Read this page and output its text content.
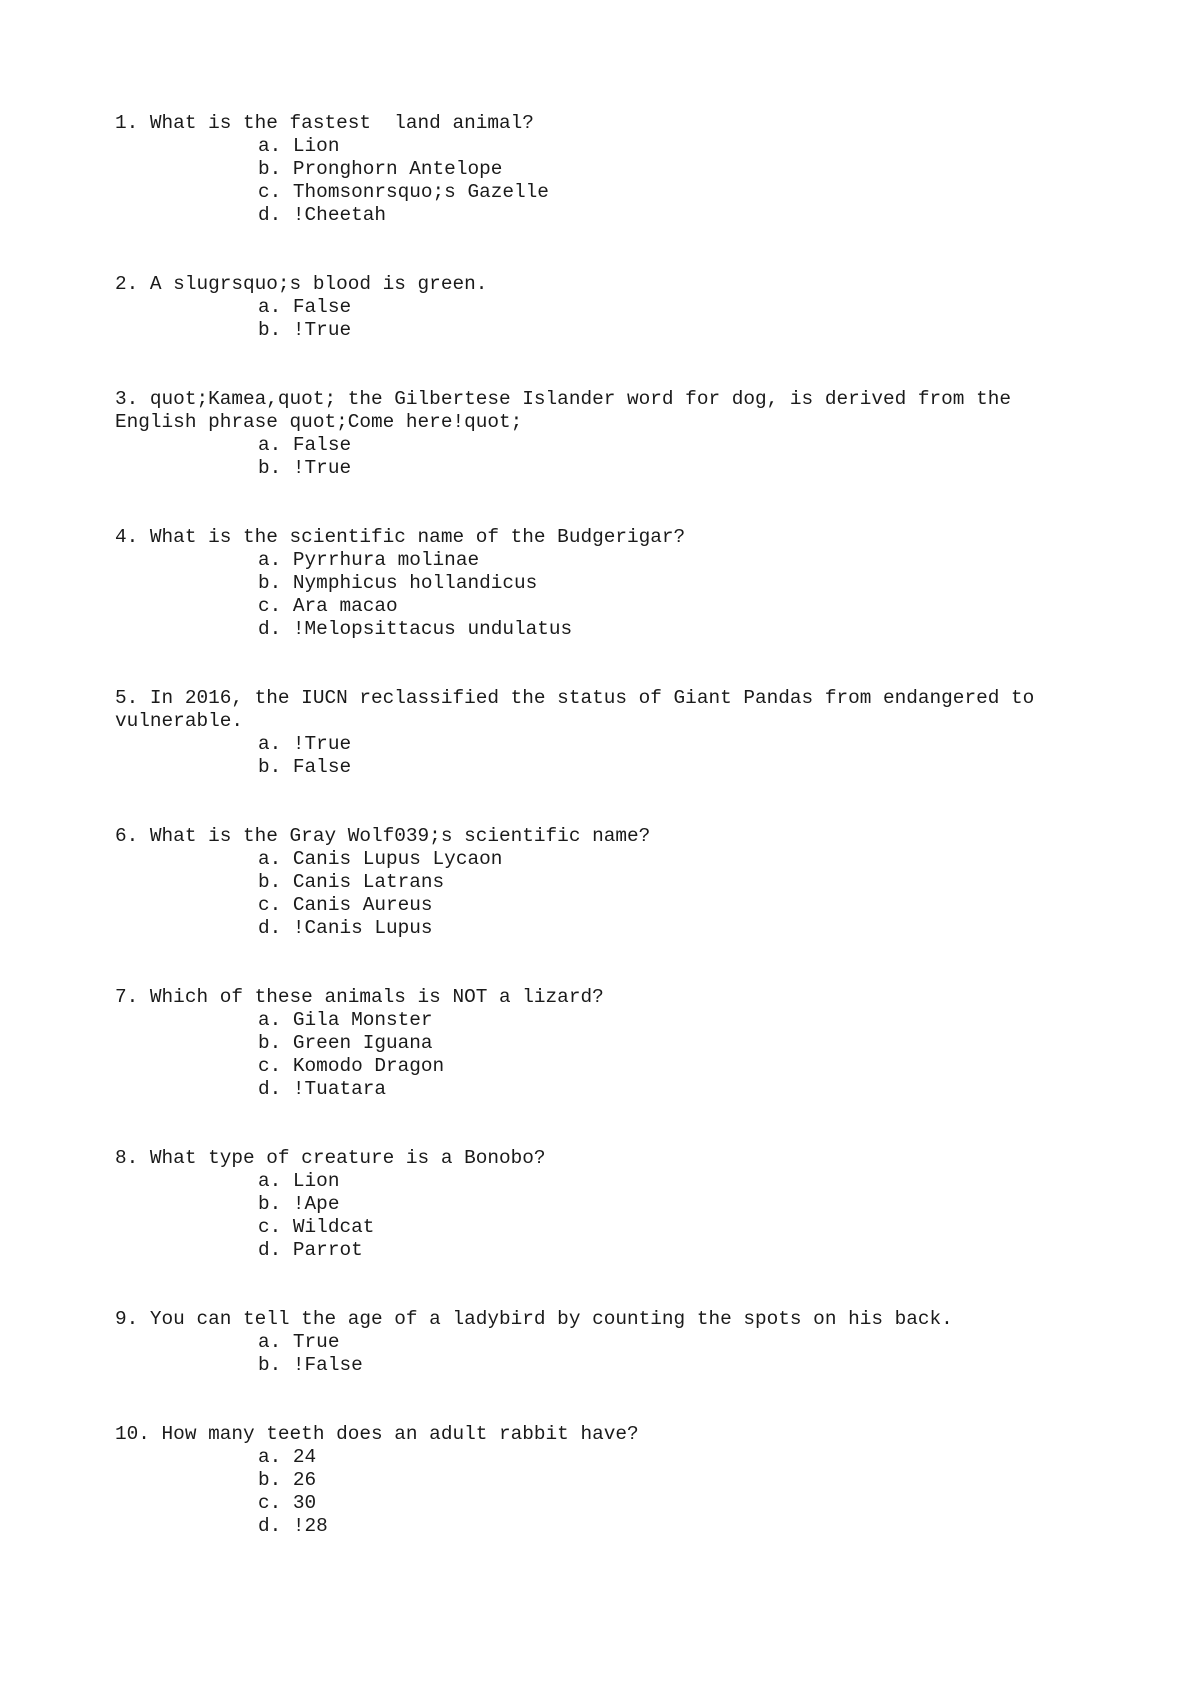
1. What is the fastest  land animal?

a. Lion
b. Pronghorn Antelope
c. Thomsonrsquo;s Gazelle
d. !Cheetah

2. A slugrsquo;s blood is green.

a. False
b. !True

3. quot;Kamea,quot; the Gilbertese Islander word for dog, is derived from the English phrase quot;Come here!quot;

a. False
b. !True

4. What is the scientific name of the Budgerigar?

a. Pyrrhura molinae
b. Nymphicus hollandicus
c. Ara macao
d. !Melopsittacus undulatus

5. In 2016, the IUCN reclassified the status of Giant Pandas from endangered to vulnerable.

a. !True
b. False

6. What is the Gray Wolf039;s scientific name?

a. Canis Lupus Lycaon
b. Canis Latrans
c. Canis Aureus
d. !Canis Lupus

7. Which of these animals is NOT a lizard?

a. Gila Monster
b. Green Iguana
c. Komodo Dragon
d. !Tuatara

8. What type of creature is a Bonobo?

a. Lion
b. !Ape
c. Wildcat
d. Parrot

9. You can tell the age of a ladybird by counting the spots on his back.

a. True
b. !False

10. How many teeth does an adult rabbit have?

a. 24
b. 26
c. 30
d. !28
